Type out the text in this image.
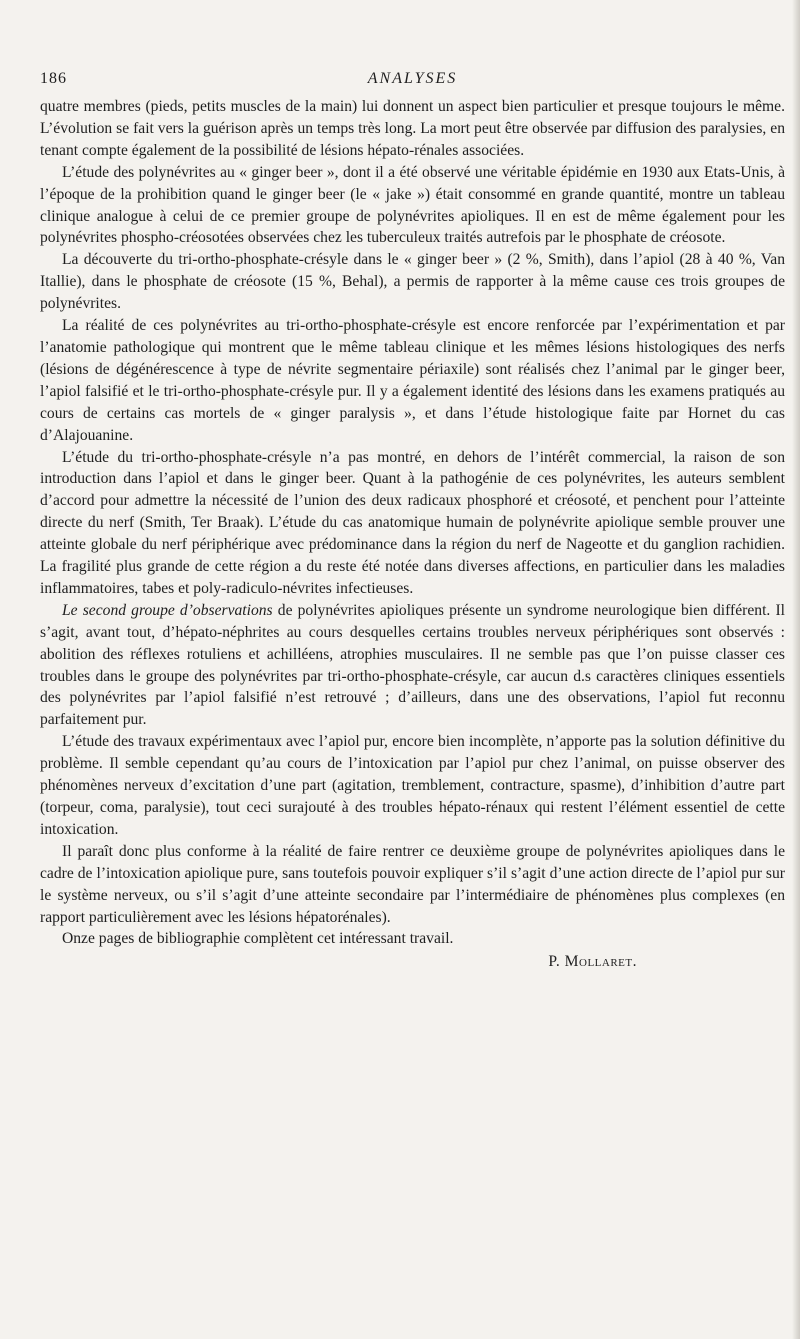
186	ANALYSES

quatre membres (pieds, petits muscles de la main) lui donnent un aspect bien particulier et presque toujours le même. L’évolution se fait vers la guérison après un temps très long. La mort peut être observée par diffusion des paralysies, en tenant compte également de la possibilité de lésions hépato-rénales associées.

L’étude des polynévrites au « ginger beer », dont il a été observé une véritable épidémie en 1930 aux Etats-Unis, à l’époque de la prohibition quand le ginger beer (le « jake ») était consommé en grande quantité, montre un tableau clinique analogue à celui de ce premier groupe de polynévrites apioliques. Il en est de même également pour les polynévrites phospho-créosotées observées chez les tuberculeux traités autrefois par le phosphate de créosote.

La découverte du tri-ortho-phosphate-crésyle dans le « ginger beer » (2 %, Smith), dans l’apiol (28 à 40 %, Van Itallie), dans le phosphate de créosote (15 %, Behal), a permis de rapporter à la même cause ces trois groupes de polynévrites.

La réalité de ces polynévrites au tri-ortho-phosphate-crésyle est encore renforcée par l’expérimentation et par l’anatomie pathologique qui montrent que le même tableau clinique et les mêmes lésions histologiques des nerfs (lésions de dégénérescence à type de névrite segmentaire périaxile) sont réalisés chez l’animal par le ginger beer, l’apiol falsifié et le tri-ortho-phosphate-crésyle pur. Il y a également identité des lésions dans les examens pratiqués au cours de certains cas mortels de « ginger paralysis », et dans l’étude histologique faite par Hornet du cas d’Alajouanine.

L’étude du tri-ortho-phosphate-crésyle n’a pas montré, en dehors de l’intérêt commercial, la raison de son introduction dans l’apiol et dans le ginger beer. Quant à la pathogénie de ces polynévrites, les auteurs semblent d’accord pour admettre la nécessité de l’union des deux radicaux phosphoré et créosoté, et penchent pour l’atteinte directe du nerf (Smith, Ter Braak). L’étude du cas anatomique humain de polynévrite apiolique semble prouver une atteinte globale du nerf périphérique avec prédominance dans la région du nerf de Nageotte et du ganglion rachidien. La fragilité plus grande de cette région a du reste été notée dans diverses affections, en particulier dans les maladies inflammatoires, tabes et poly-radiculo-névrites infectieuses.

Le second groupe d’observations de polynévrites apioliques présente un syndrome neurologique bien différent. Il s’agit, avant tout, d’hépato-néphrites au cours desquelles certains troubles nerveux périphériques sont observés : abolition des réflexes rotuliens et achilléens, atrophies musculaires. Il ne semble pas que l’on puisse classer ces troubles dans le groupe des polynévrites par tri-ortho-phosphate-crésyle, car aucun d.s caractères cliniques essentiels des polynévrites par l’apiol falsifié n’est retrouvé ; d’ailleurs, dans une des observations, l’apiol fut reconnu parfaitement pur.

L’étude des travaux expérimentaux avec l’apiol pur, encore bien incomplète, n’apporte pas la solution définitive du problème. Il semble cependant qu’au cours de l’intoxication par l’apiol pur chez l’animal, on puisse observer des phénomènes nerveux d’excitation d’une part (agitation, tremblement, contracture, spasme), d’inhibition d’autre part (torpeur, coma, paralysie), tout ceci surajouté à des troubles hépato-rénaux qui restent l’élément essentiel de cette intoxication.

Il paraît donc plus conforme à la réalité de faire rentrer ce deuxième groupe de polynévrites apioliques dans le cadre de l’intoxication apiolique pure, sans toutefois pouvoir expliquer s’il s’agit d’une action directe de l’apiol pur sur le système nerveux, ou s’il s’agit d’une atteinte secondaire par l’intermédiaire de phénomènes plus complexes (en rapport particulièrement avec les lésions hépatorénales).

Onze pages de bibliographie complètent cet intéressant travail.

P. Mollaret.
